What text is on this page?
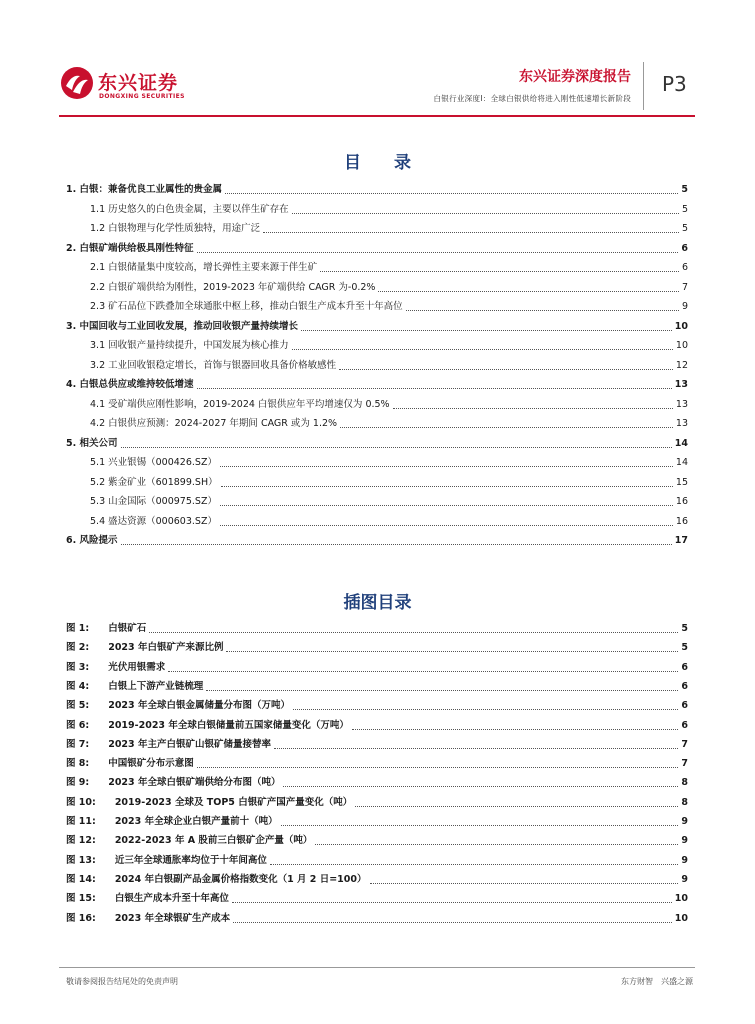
东兴证券
DONGXING SECURITIES
东兴证券深度报告
白银行业深度Ⅰ：全球白银供给将进入刚性低速增长新阶段
P3
目　录
1. 白银：兼备优良工业属性的贵金属	5
1.1 历史悠久的白色贵金属，主要以伴生矿存在	5
1.2 白银物理与化学性质独特，用途广泛	5
2. 白银矿端供给极具刚性特征	6
2.1 白银储量集中度较高，增长弹性主要来源于伴生矿	6
2.2 白银矿端供给为刚性，2019-2023 年矿端供给 CAGR 为-0.2%	7
2.3 矿石品位下跌叠加全球通胀中枢上移，推动白银生产成本升至十年高位	9
3. 中国回收与工业回收发展，推动回收银产量持续增长	10
3.1 回收银产量持续提升，中国发展为核心推力	10
3.2 工业回收银稳定增长，首饰与银器回收具备价格敏感性	12
4. 白银总供应或维持较低增速	13
4.1 受矿端供应刚性影响，2019-2024 白银供应年平均增速仅为 0.5%	13
4.2 白银供应预测：2024-2027 年期间 CAGR 或为 1.2%	13
5. 相关公司	14
5.1 兴业银锡（000426.SZ）	14
5.2 紫金矿业（601899.SH）	15
5.3 山金国际（000975.SZ）	16
5.4 盛达资源（000603.SZ）	16
6. 风险提示	17
插图目录
图 1:　　白银矿石	5
图 2:　　2023 年白银矿产来源比例	5
图 3:　　光伏用银需求	6
图 4:　　白银上下游产业链梳理	6
图 5:　　2023 年全球白银金属储量分布图（万吨）	6
图 6:　　2019-2023 年全球白银储量前五国家储量变化（万吨）	6
图 7:　　2023 年主产白银矿山银矿储量接替率	7
图 8:　　中国银矿分布示意图	7
图 9:　　2023 年全球白银矿端供给分布图（吨）	8
图 10:　　2019-2023 全球及 TOP5 白银矿产国产量变化（吨）	8
图 11:　　2023 年全球企业白银产量前十（吨）	9
图 12:　　2022-2023 年 A 股前三白银矿企产量（吨）	9
图 13:　　近三年全球通胀率均位于十年间高位	9
图 14:　　2024 年白银副产品金属价格指数变化（1 月 2 日=100）	9
图 15:　　白银生产成本升至十年高位	10
图 16:　　2023 年全球银矿生产成本	10
敬请参阅报告结尾处的免责声明	东方财智　兴盛之源
